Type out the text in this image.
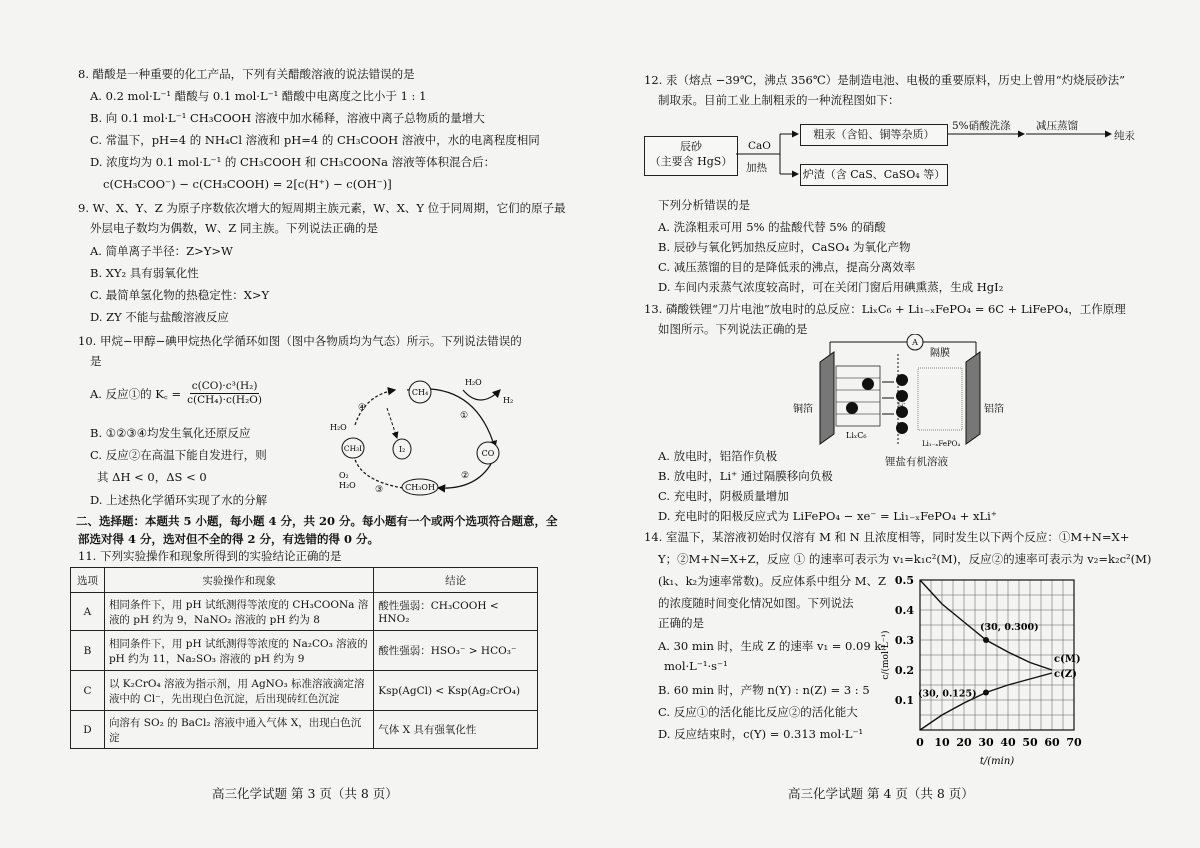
8. 醋酸是一种重要的化工产品，下列有关醋酸溶液的说法错误的是
A. 0.2 mol·L⁻¹ 醋酸与 0.1 mol·L⁻¹ 醋酸中电离度之比小于 1 : 1
B. 向 0.1 mol·L⁻¹ CH₃COOH 溶液中加水稀释，溶液中离子总物质的量增大
C. 常温下，pH=4 的 NH₄Cl 溶液和 pH=4 的 CH₃COOH 溶液中，水的电离程度相同
D. 浓度均为 0.1 mol·L⁻¹ 的 CH₃COOH 和 CH₃COONa 溶液等体积混合后：
c(CH₃COO⁻) − c(CH₃COOH) = 2[c(H⁺) − c(OH⁻)]
9. W、X、Y、Z 为原子序数依次增大的短周期主族元素，W、X、Y 位于同周期，它们的原子最
外层电子数均为偶数，W、Z 同主族。下列说法正确的是
A. 简单离子半径：Z>Y>W
B. XY₂ 具有弱氧化性
C. 最简单氢化物的热稳定性：X>Y
D. ZY 不能与盐酸溶液反应
10. 甲烷−甲醇−碘甲烷热化学循环如图（图中各物质均为气态）所示。下列说法错误的
是
A. 反应①的 K꜀ = $\frac{\text{c(CO)·c³(H₂)}}{\text{c(CH₄)·c(H₂O)}}$
B. ①②③④均发生氧化还原反应
C. 反应②在高温下能自发进行，则
其 ΔH < 0，ΔS < 0
D. 上述热化学循环实现了水的分解
CH₄
CO
CH₃OH
CH₃I	I₂
H₂O
H₂
H₂O
O₂
H₂O
①
②
③
④
二、选择题：本题共 5 小题，每小题 4 分，共 20 分。每小题有一个或两个选项符合题意，全
部选对得 4 分，选对但不全的得 2 分，有选错的得 0 分。
11. 下列实验操作和现象所得到的实验结论正确的是
选项	实验操作和现象	结论
A	相同条件下，用 pH 试纸测得等浓度的 CH₃COONa 溶液的 pH 约为 9，NaNO₂ 溶液的 pH 约为 8	酸性强弱：CH₃COOH < HNO₂
B	相同条件下，用 pH 试纸测得等浓度的 Na₂CO₃ 溶液的 pH 约为 11，Na₂SO₃ 溶液的 pH 约为 9	酸性强弱：HSO₃⁻ > HCO₃⁻
C	以 K₂CrO₄ 溶液为指示剂，用 AgNO₃ 标准溶液滴定溶液中的 Cl⁻，先出现白色沉淀，后出现砖红色沉淀	Ksp(AgCl) < Ksp(Ag₂CrO₄)
D	向溶有 SO₂ 的 BaCl₂ 溶液中通入气体 X，出现白色沉淀	气体 X 具有强氧化性
高三化学试题 第 3 页（共 8 页）
12. 汞（熔点 −39℃，沸点 356℃）是制造电池、电极的重要原料，历史上曾用“灼烧辰砂法”
制取汞。目前工业上制粗汞的一种流程图如下：
辰砂
（主要含 HgS）
CaO
加热
粗汞（含铅、铜等杂质）
炉渣（含 CaS、CaSO₄ 等）
5%硝酸洗涤 减压蒸馏
纯汞
下列分析错误的是
A. 洗涤粗汞可用 5% 的盐酸代替 5% 的硝酸
B. 辰砂与氧化钙加热反应时，CaSO₄ 为氧化产物
C. 减压蒸馏的目的是降低汞的沸点，提高分离效率
D. 车间内汞蒸气浓度较高时，可在关闭门窗后用碘熏蒸，生成 HgI₂
13. 磷酸铁锂“刀片电池”放电时的总反应：LiₓC₆ + Li₁₋ₓFePO₄ = 6C + LiFePO₄，工作原理
如图所示。下列说法正确的是
A
隔膜
Li⁺
铜箔	铝箔
LiₓC₆
Li₁₋ₓFePO₄
锂盐有机溶液
A. 放电时，铝箔作负极
B. 放电时，Li⁺ 通过隔膜移向负极
C. 充电时，阴极质量增加
D. 充电时的阳极反应式为 LiFePO₄ − xe⁻ = Li₁₋ₓFePO₄ + xLi⁺
14. 室温下，某溶液初始时仅溶有 M 和 N 且浓度相等，同时发生以下两个反应：①M+N=X+
Y；②M+N=X+Z，反应 ① 的速率可表示为 v₁=k₁c²(M)，反应②的速率可表示为 v₂=k₂c²(M)
(k₁、k₂为速率常数)。反应体系中组分 M、Z
的浓度随时间变化情况如图。下列说法
正确的是
A. 30 min 时，生成 Z 的速率 v₁ = 0.09 k₂
mol·L⁻¹·s⁻¹
B. 60 min 时，产物 n(Y) : n(Z) = 3 : 5
C. 反应①的活化能比反应②的活化能大
D. 反应结束时，c(Y) = 0.313 mol·L⁻¹
0 10 20 30 40 50 60 70
0.1
0.2
0.3
0.4
0.5
t/(min)
c/(mol·L⁻¹)	c(M)
c(Z)
(30, 0.300)
(30, 0.125)
高三化学试题 第 4 页（共 8 页）
